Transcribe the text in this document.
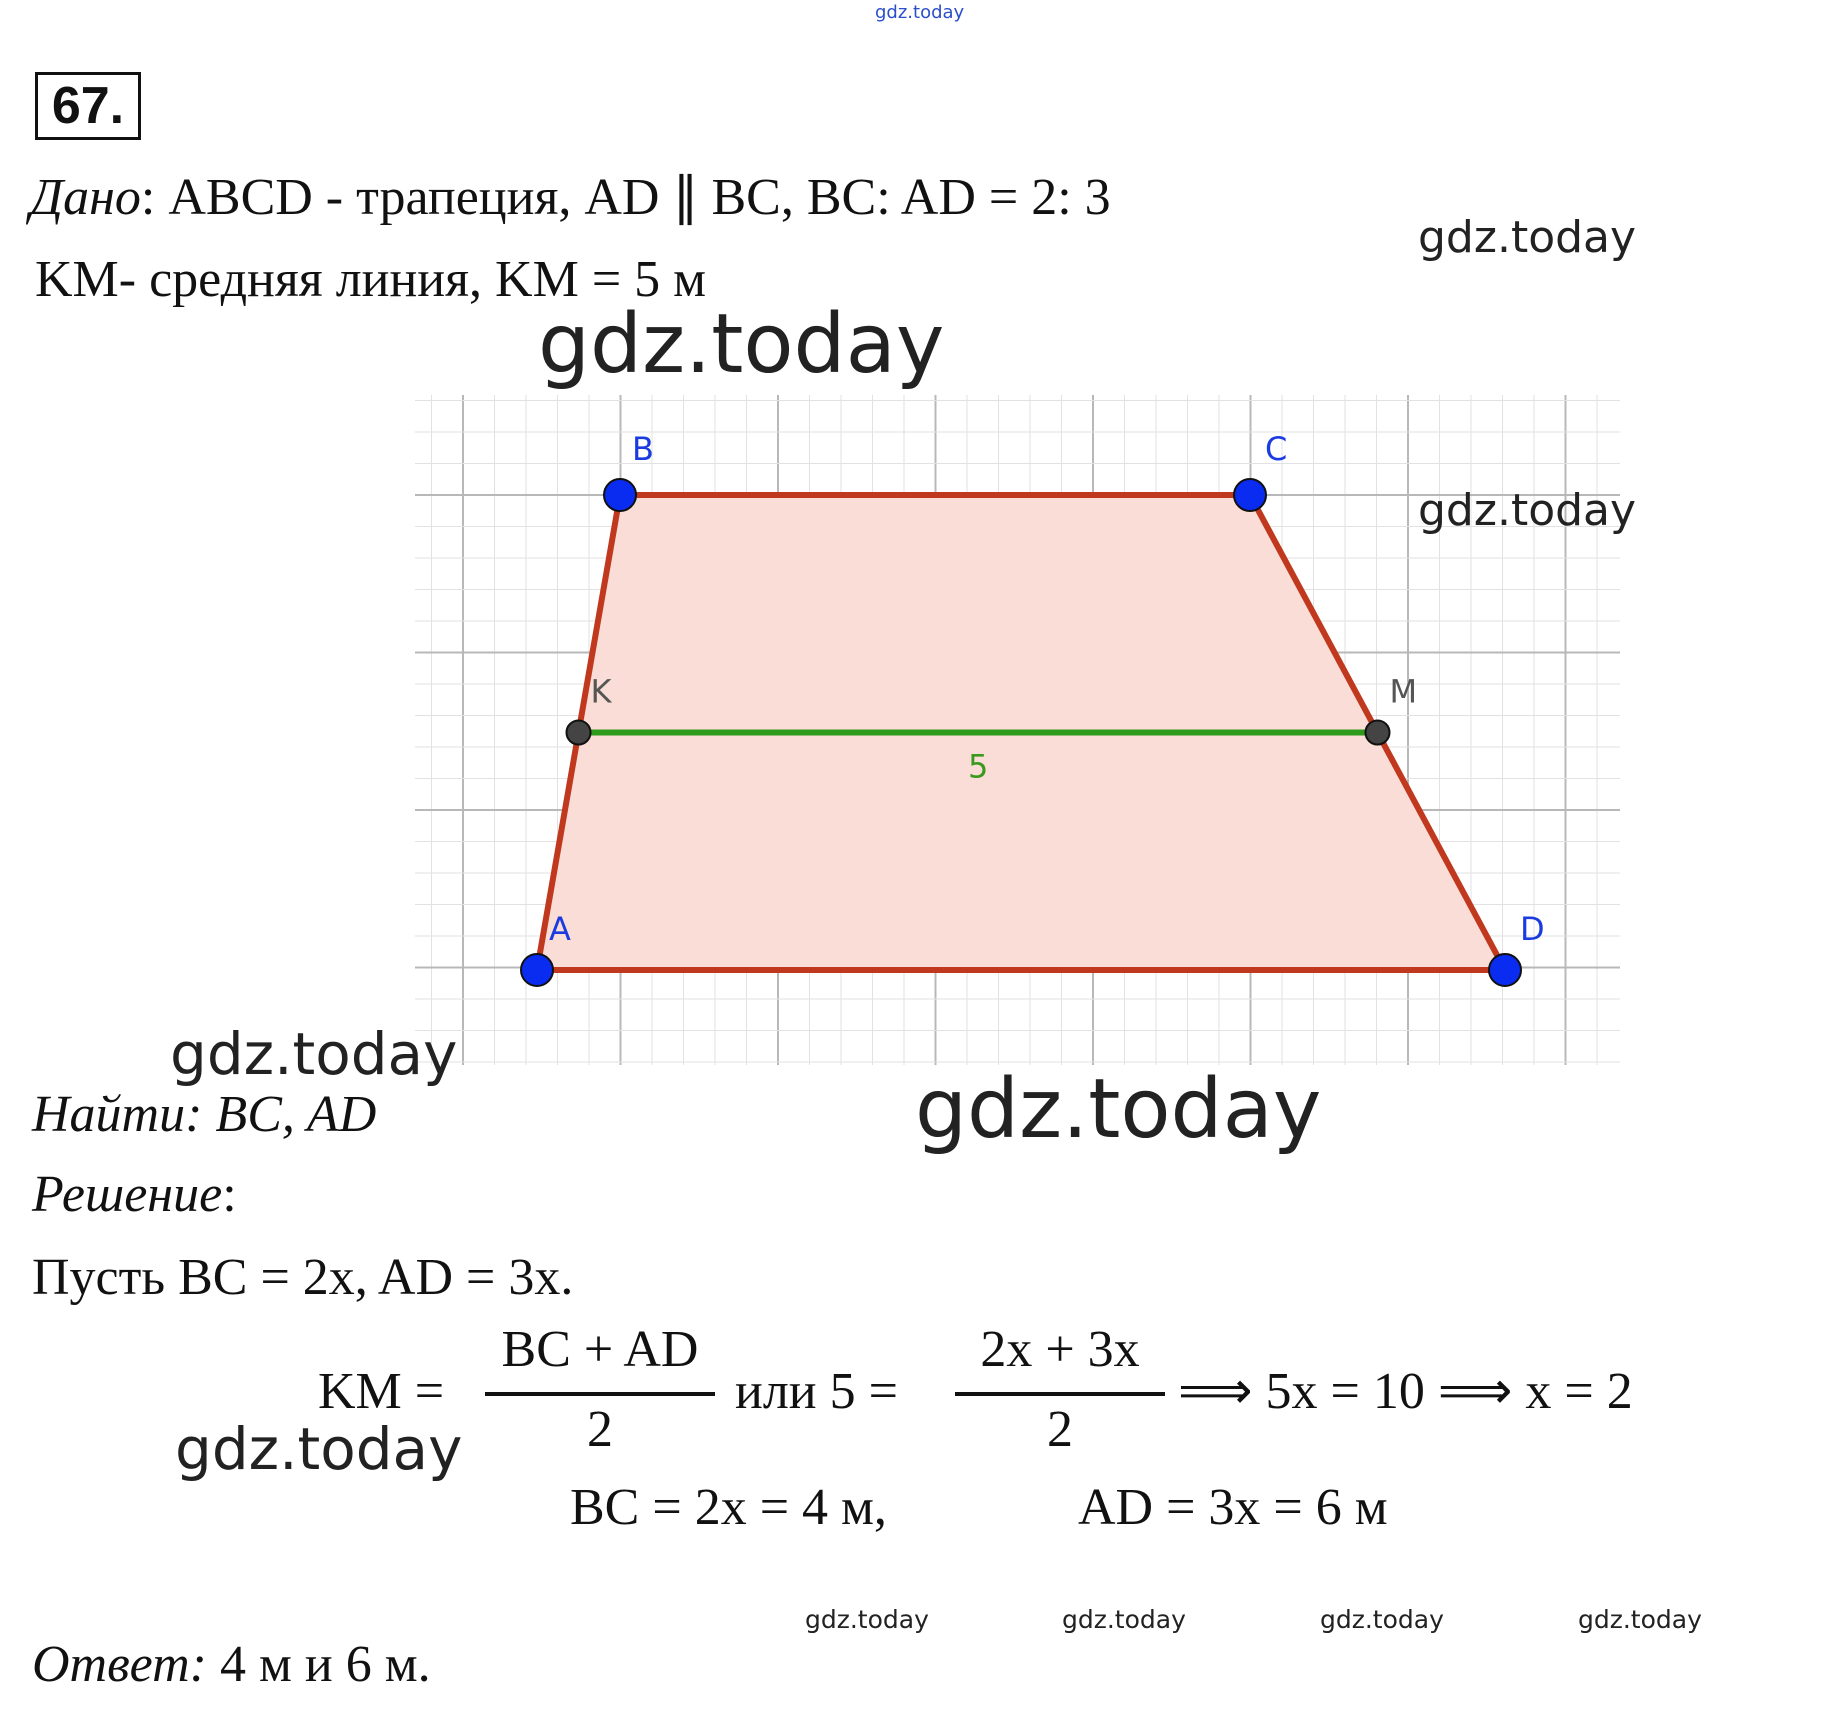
gdz.today
67.
Дано: ABCD - трапеция, AD ∥ BC, BC: AD = 2: 3
KM- средняя линия, KM = 5 м
gdz.today
gdz.today
5
A
B	C
D
K	M
gdz.today
gdz.today
gdz.today
Найти: BC, AD
Решение:
Пусть BC = 2x, AD = 3x.
KM =
BC + AD
2
или 5 =
2x + 3x
2
⟹ 5x = 10 ⟹ x = 2
gdz.today
BC = 2x = 4 м,	AD = 3x = 6 м
gdz.today	gdz.today	gdz.today	gdz.today
Ответ: 4 м и 6 м.
